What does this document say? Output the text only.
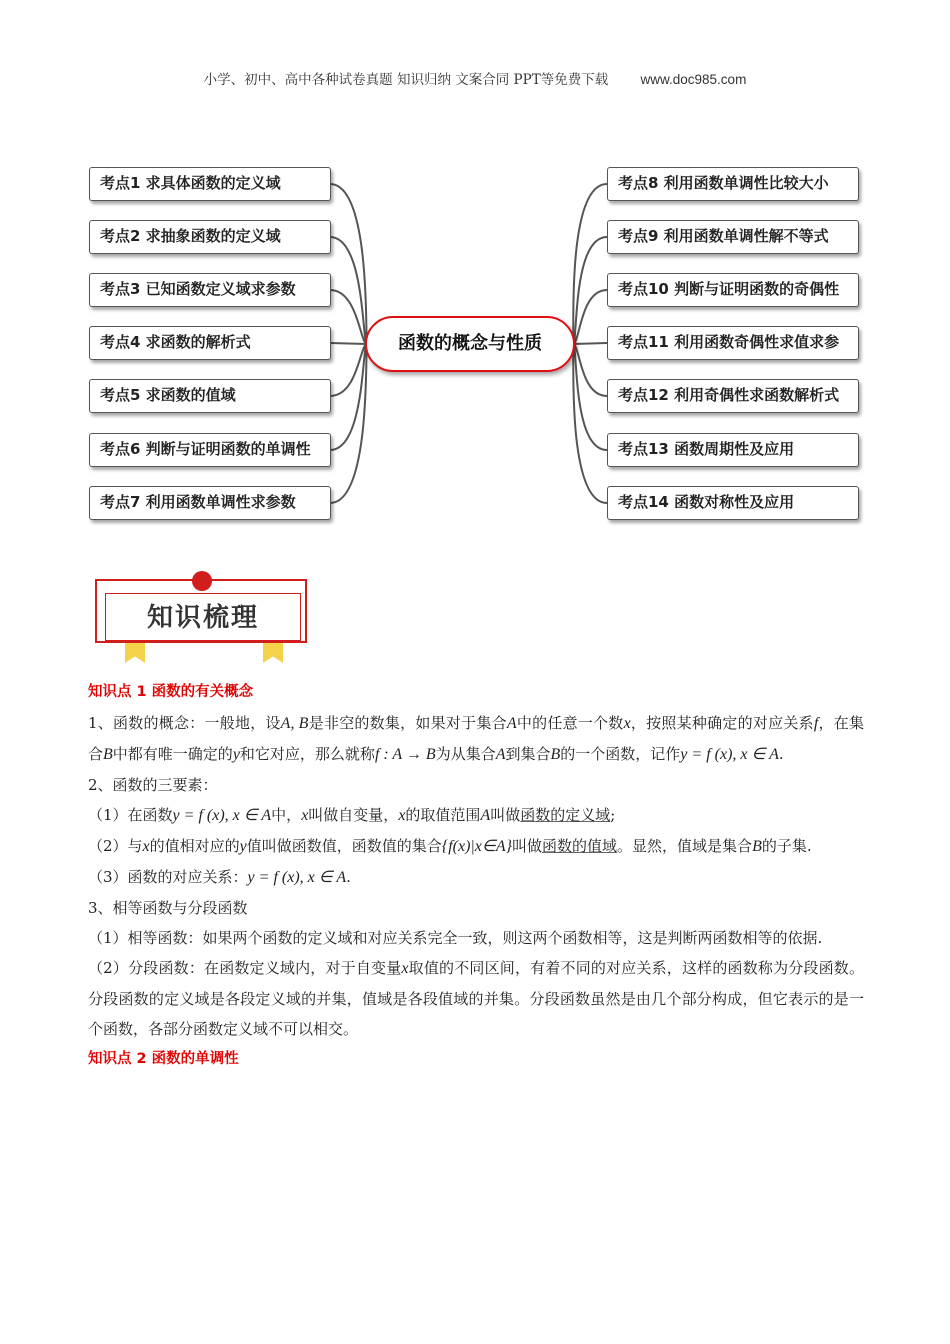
小学、初中、高中各种试卷真题 知识归纳 文案合同 PPT等免费下载 www.doc985.com
考点1 求具体函数的定义域
考点2 求抽象函数的定义域
考点3 已知函数定义域求参数
考点4 求函数的解析式
考点5 求函数的值域
考点6 判断与证明函数的单调性
考点7 利用函数单调性求参数
考点8 利用函数单调性比较大小
考点9 利用函数单调性解不等式
考点10 判断与证明函数的奇偶性
考点11 利用函数奇偶性求值求参
考点12 利用奇偶性求函数解析式
考点13 函数周期性及应用
考点14 函数对称性及应用
函数的概念与性质
知识梳理

知识点 1 函数的有关概念

1、函数的概念：一般地，设A, B是非空的数集，如果对于集合A中的任意一个数x，按照某种确定的对应关系f，在集合B中都有唯一确定的y和它对应，那么就称f : A → B为从集合A到集合B的一个函数，记作y = f (x), x ∈ A.

2、函数的三要素：

（1）在函数y = f (x), x ∈ A中，x叫做自变量，x的取值范围A叫做函数的定义域;

（2）与x的值相对应的y值叫做函数值，函数值的集合{f(x)|x∈A}叫做函数的值域。显然，值域是集合B的子集.

（3）函数的对应关系：y = f (x), x ∈ A.

3、相等函数与分段函数

（1）相等函数：如果两个函数的定义域和对应关系完全一致，则这两个函数相等，这是判断两函数相等的依据.

（2）分段函数：在函数定义域内，对于自变量x取值的不同区间，有着不同的对应关系，这样的函数称为分段函数。分段函数的定义域是各段定义域的并集，值域是各段值域的并集。分段函数虽然是由几个部分构成，但它表示的是一个函数，各部分函数定义域不可以相交。

知识点 2 函数的单调性
